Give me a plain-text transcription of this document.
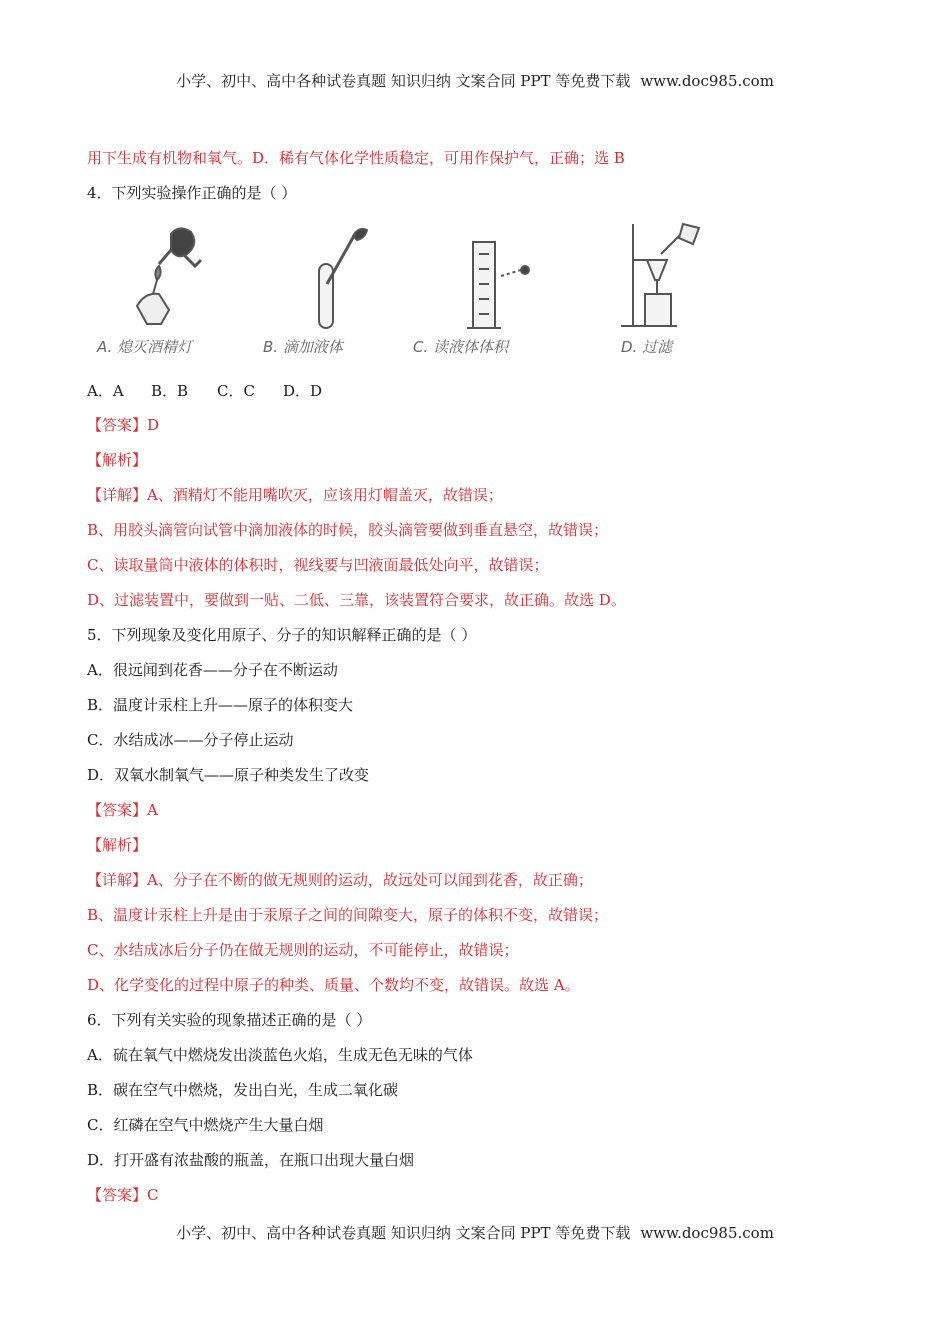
小学、初中、高中各种试卷真题 知识归纳 文案合同 PPT 等免费下载 www.doc985.com
用下生成有机物和氧气。D．稀有气体化学性质稳定，可用作保护气，正确；选 B
4．下列实验操作正确的是（ ）
A. 熄灭酒精灯	B. 滴加液体	C. 读液体体积	D. 过滤
A．A B．B C．C D．D
【答案】D
【解析】
【详解】A、酒精灯不能用嘴吹灭，应该用灯帽盖灭，故错误；
B、用胶头滴管向试管中滴加液体的时候，胶头滴管要做到垂直悬空，故错误；
C、读取量筒中液体的体积时，视线要与凹液面最低处向平，故错误；
D、过滤装置中，要做到一贴、二低、三靠，该装置符合要求，故正确。故选 D。
5．下列现象及变化用原子、分子的知识解释正确的是（ ）
A．很远闻到花香——分子在不断运动
B．温度计汞柱上升——原子的体积变大
C．水结成冰——分子停止运动
D．双氧水制氧气——原子种类发生了改变
【答案】A
【解析】
【详解】A、分子在不断的做无规则的运动，故远处可以闻到花香，故正确；
B、温度计汞柱上升是由于汞原子之间的间隙变大，原子的体积不变，故错误；
C、水结成冰后分子仍在做无规则的运动，不可能停止，故错误；
D、化学变化的过程中原子的种类、质量、个数均不变，故错误。故选 A。
6．下列有关实验的现象描述正确的是（ ）
A．硫在氧气中燃烧发出淡蓝色火焰，生成无色无味的气体
B．碳在空气中燃烧，发出白光，生成二氧化碳
C．红磷在空气中燃烧产生大量白烟
D．打开盛有浓盐酸的瓶盖，在瓶口出现大量白烟
【答案】C
小学、初中、高中各种试卷真题 知识归纳 文案合同 PPT 等免费下载 www.doc985.com
